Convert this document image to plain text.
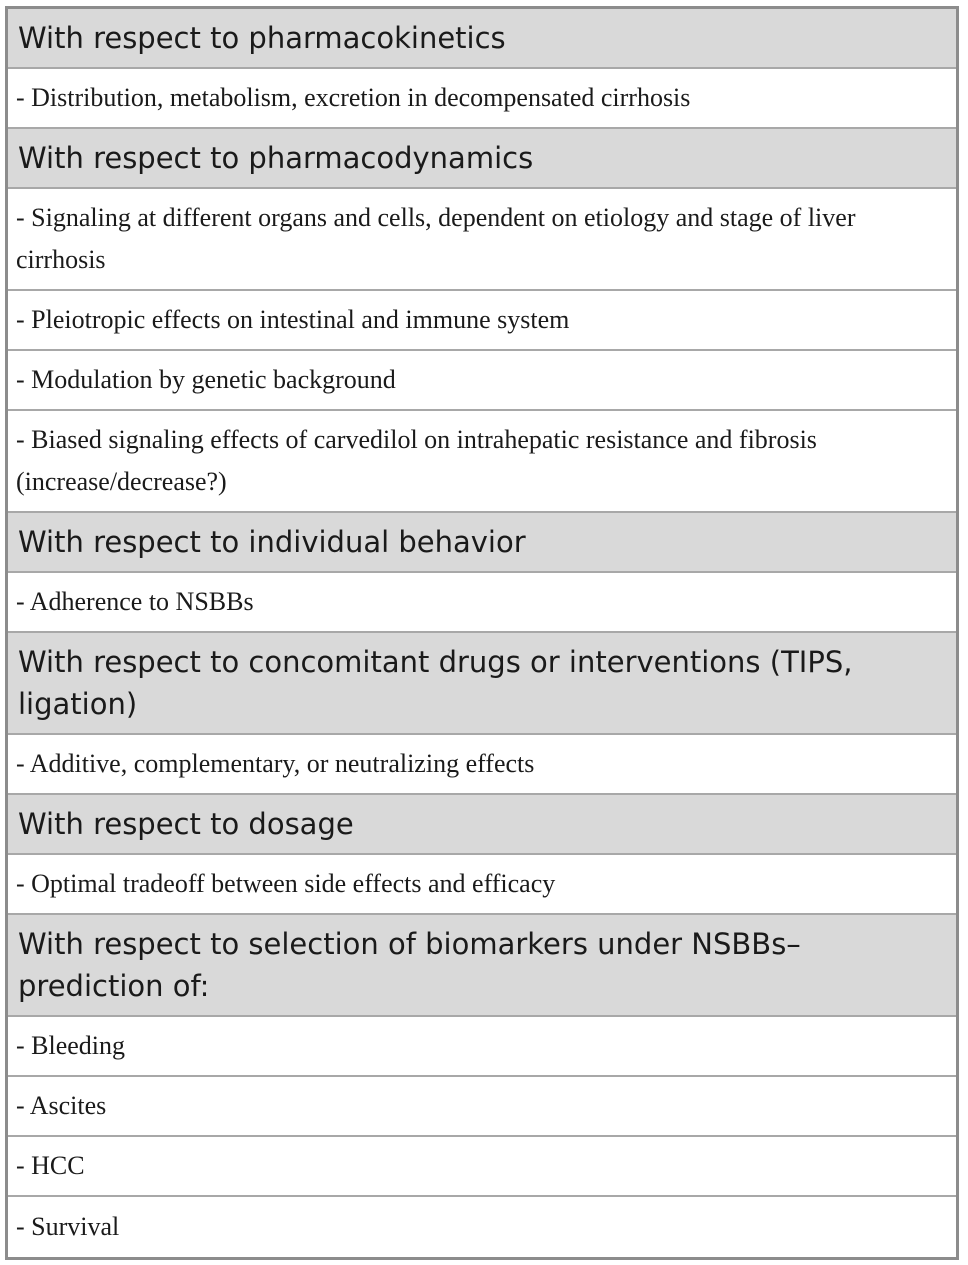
With respect to pharmacokinetics
- Distribution, metabolism, excretion in decompensated cirrhosis
With respect to pharmacodynamics
- Signaling at different organs and cells, dependent on etiology and stage of liver cirrhosis
- Pleiotropic effects on intestinal and immune system
- Modulation by genetic background
- Biased signaling effects of carvedilol on intrahepatic resistance and fibrosis (increase/decrease?)
With respect to individual behavior
- Adherence to NSBBs
With respect to concomitant drugs or interventions (TIPS, ligation)
- Additive, complementary, or neutralizing effects
With respect to dosage
- Optimal tradeoff between side effects and efficacy
With respect to selection of biomarkers under NSBBs–prediction of:
- Bleeding
- Ascites
- HCC
- Survival
